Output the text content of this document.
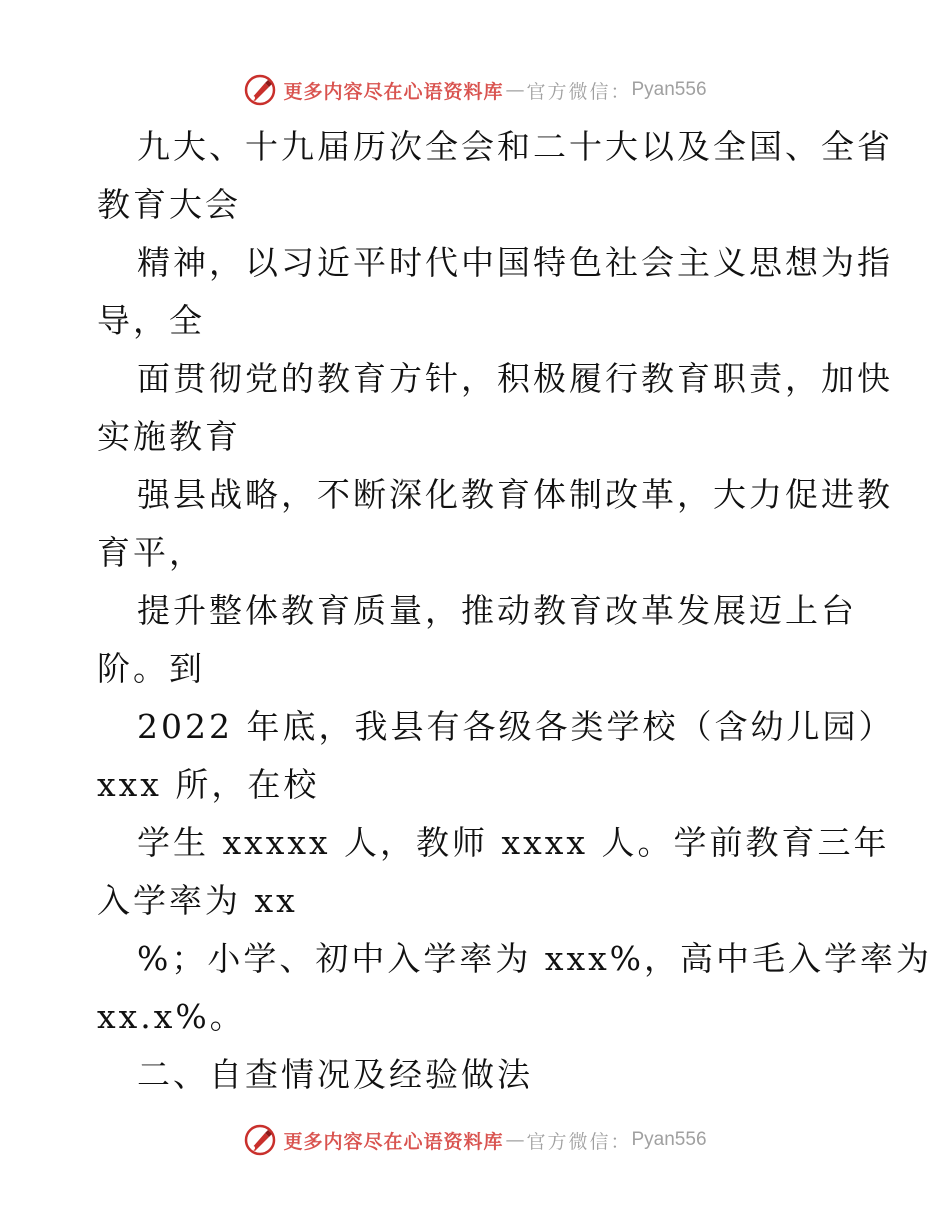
更多内容尽在心语资料库 — 官方微信： Pyan556

九大、十九届历次全会和二十大以及全国、全省
教育大会

精神，以习近平时代中国特色社会主义思想为指
导，全

面贯彻党的教育方针，积极履行教育职责，加快
实施教育

强县战略，不断深化教育体制改革，大力促进教
育平，

提升整体教育质量，推动教育改革发展迈上台
阶。到

2022 年底，我县有各级各类学校（含幼儿园）
xxx 所，在校

学生 xxxxx 人，教师 xxxx 人。学前教育三年
入学率为 xx

%；小学、初中入学率为 xxx%，高中毛入学率为
xx.x%。

二、自查情况及经验做法

更多内容尽在心语资料库 — 官方微信： Pyan556
